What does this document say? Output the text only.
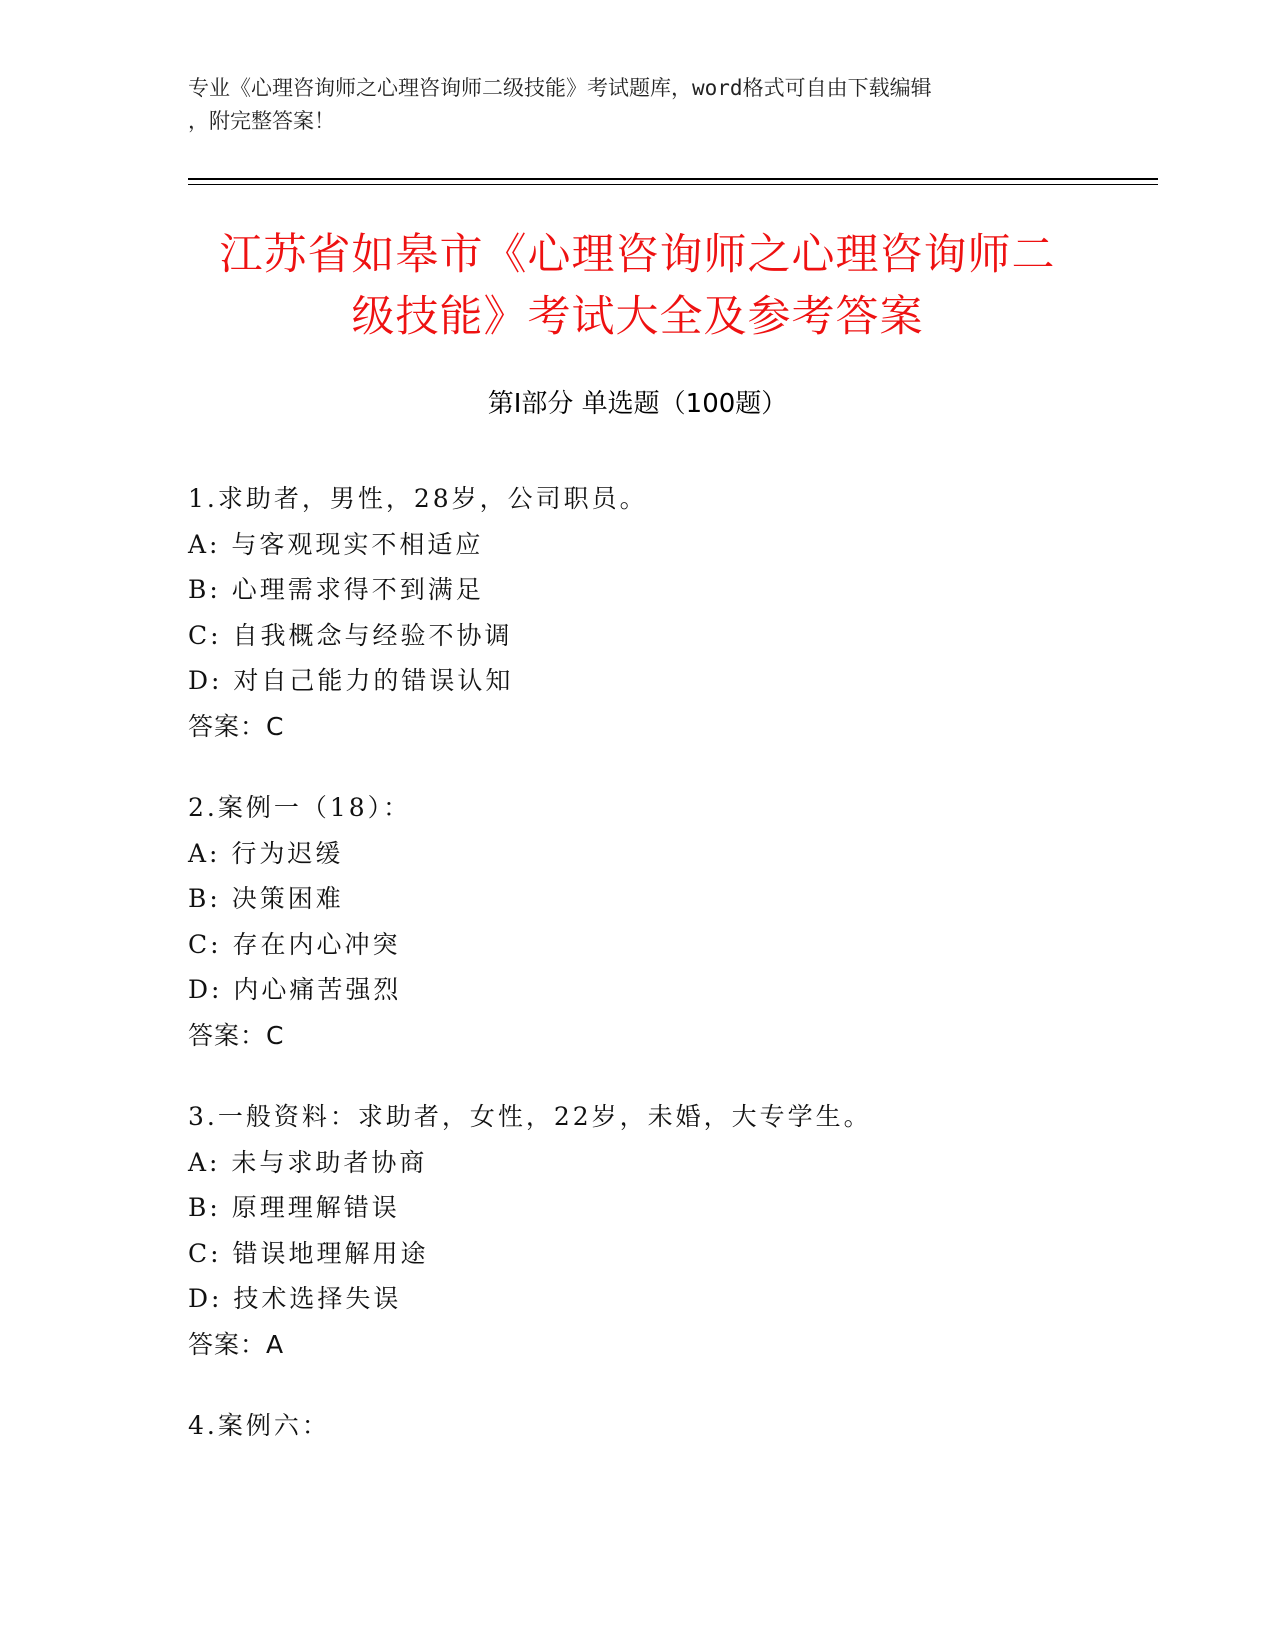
专业《心理咨询师之心理咨询师二级技能》考试题库，word格式可自由下载编辑
，附完整答案！
江苏省如皋市《心理咨询师之心理咨询师二
级技能》考试大全及参考答案
第Ⅰ部分 单选题（100题）
1.求助者，男性，28岁，公司职员。
A: 与客观现实不相适应
B: 心理需求得不到满足
C: 自我概念与经验不协调
D: 对自己能力的错误认知
答案：C
2.案例一（18）：
A: 行为迟缓
B: 决策困难
C: 存在内心冲突
D: 内心痛苦强烈
答案：C
3.一般资料：求助者，女性，22岁，未婚，大专学生。
A: 未与求助者协商
B: 原理理解错误
C: 错误地理解用途
D: 技术选择失误
答案：A
4.案例六：
